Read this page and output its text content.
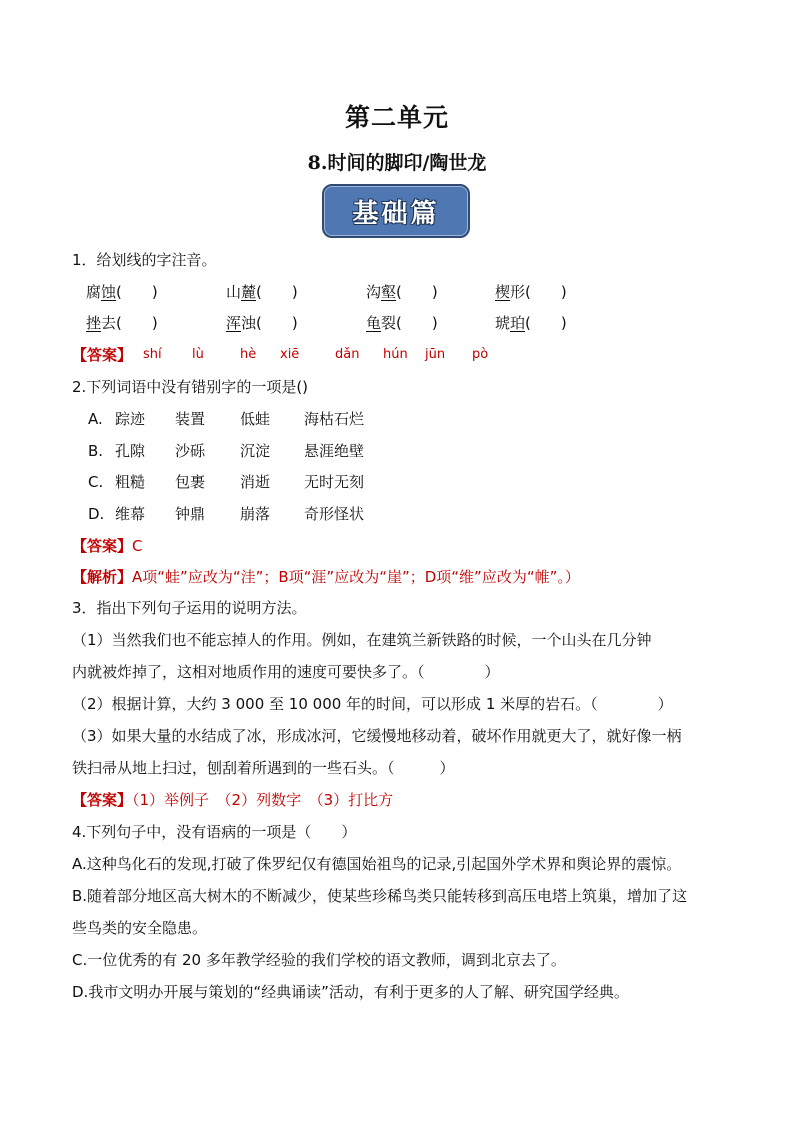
第二单元
8.时间的脚印/陶世龙
基础篇
1．给划线的字注音。
腐蚀(　　)	山麓(　　)	沟壑(　　)	楔形(　　)
挫去(　　)	浑浊(　　)	龟裂(　　)	琥珀(　　)
【答案】 shí lù	hè xiē	dǎn hún jūn pò
2.下列词语中没有错别字的一项是()
A. 踪迹 装置 低蛙 海枯石烂
B. 孔隙 沙砾 沉淀 悬涯绝壁
C. 粗糙 包裹 消逝 无时无刻
D. 维幕 钟鼎 崩落 奇形怪状
【答案】C
【解析】A项“蛙”应改为“洼”；B项“涯”应改为“崖”；D项“维”应改为“帷”。）
3．指出下列句子运用的说明方法。
（1）当然我们也不能忘掉人的作用。例如，在建筑兰新铁路的时候，一个山头在几分钟
内就被炸掉了，这相对地质作用的速度可要快多了。（　　　　）
（2）根据计算，大约 3 000 至 10 000 年的时间，可以形成 1 米厚的岩石。（　　　　）
（3）如果大量的水结成了冰，形成冰河，它缓慢地移动着，破坏作用就更大了，就好像一柄
铁扫帚从地上扫过，刨刮着所遇到的一些石头。（　　　）
【答案】（1）举例子　（2）列数字　（3）打比方
4.下列句子中，没有语病的一项是（　　）
A.这种鸟化石的发现,打破了侏罗纪仅有德国始祖鸟的记录,引起国外学术界和舆论界的震惊。
B.随着部分地区高大树木的不断减少，使某些珍稀鸟类只能转移到高压电塔上筑巢，增加了这
些鸟类的安全隐患。
C.一位优秀的有 20 多年教学经验的我们学校的语文教师，调到北京去了。
D.我市文明办开展与策划的“经典诵读”活动，有利于更多的人了解、研究国学经典。
